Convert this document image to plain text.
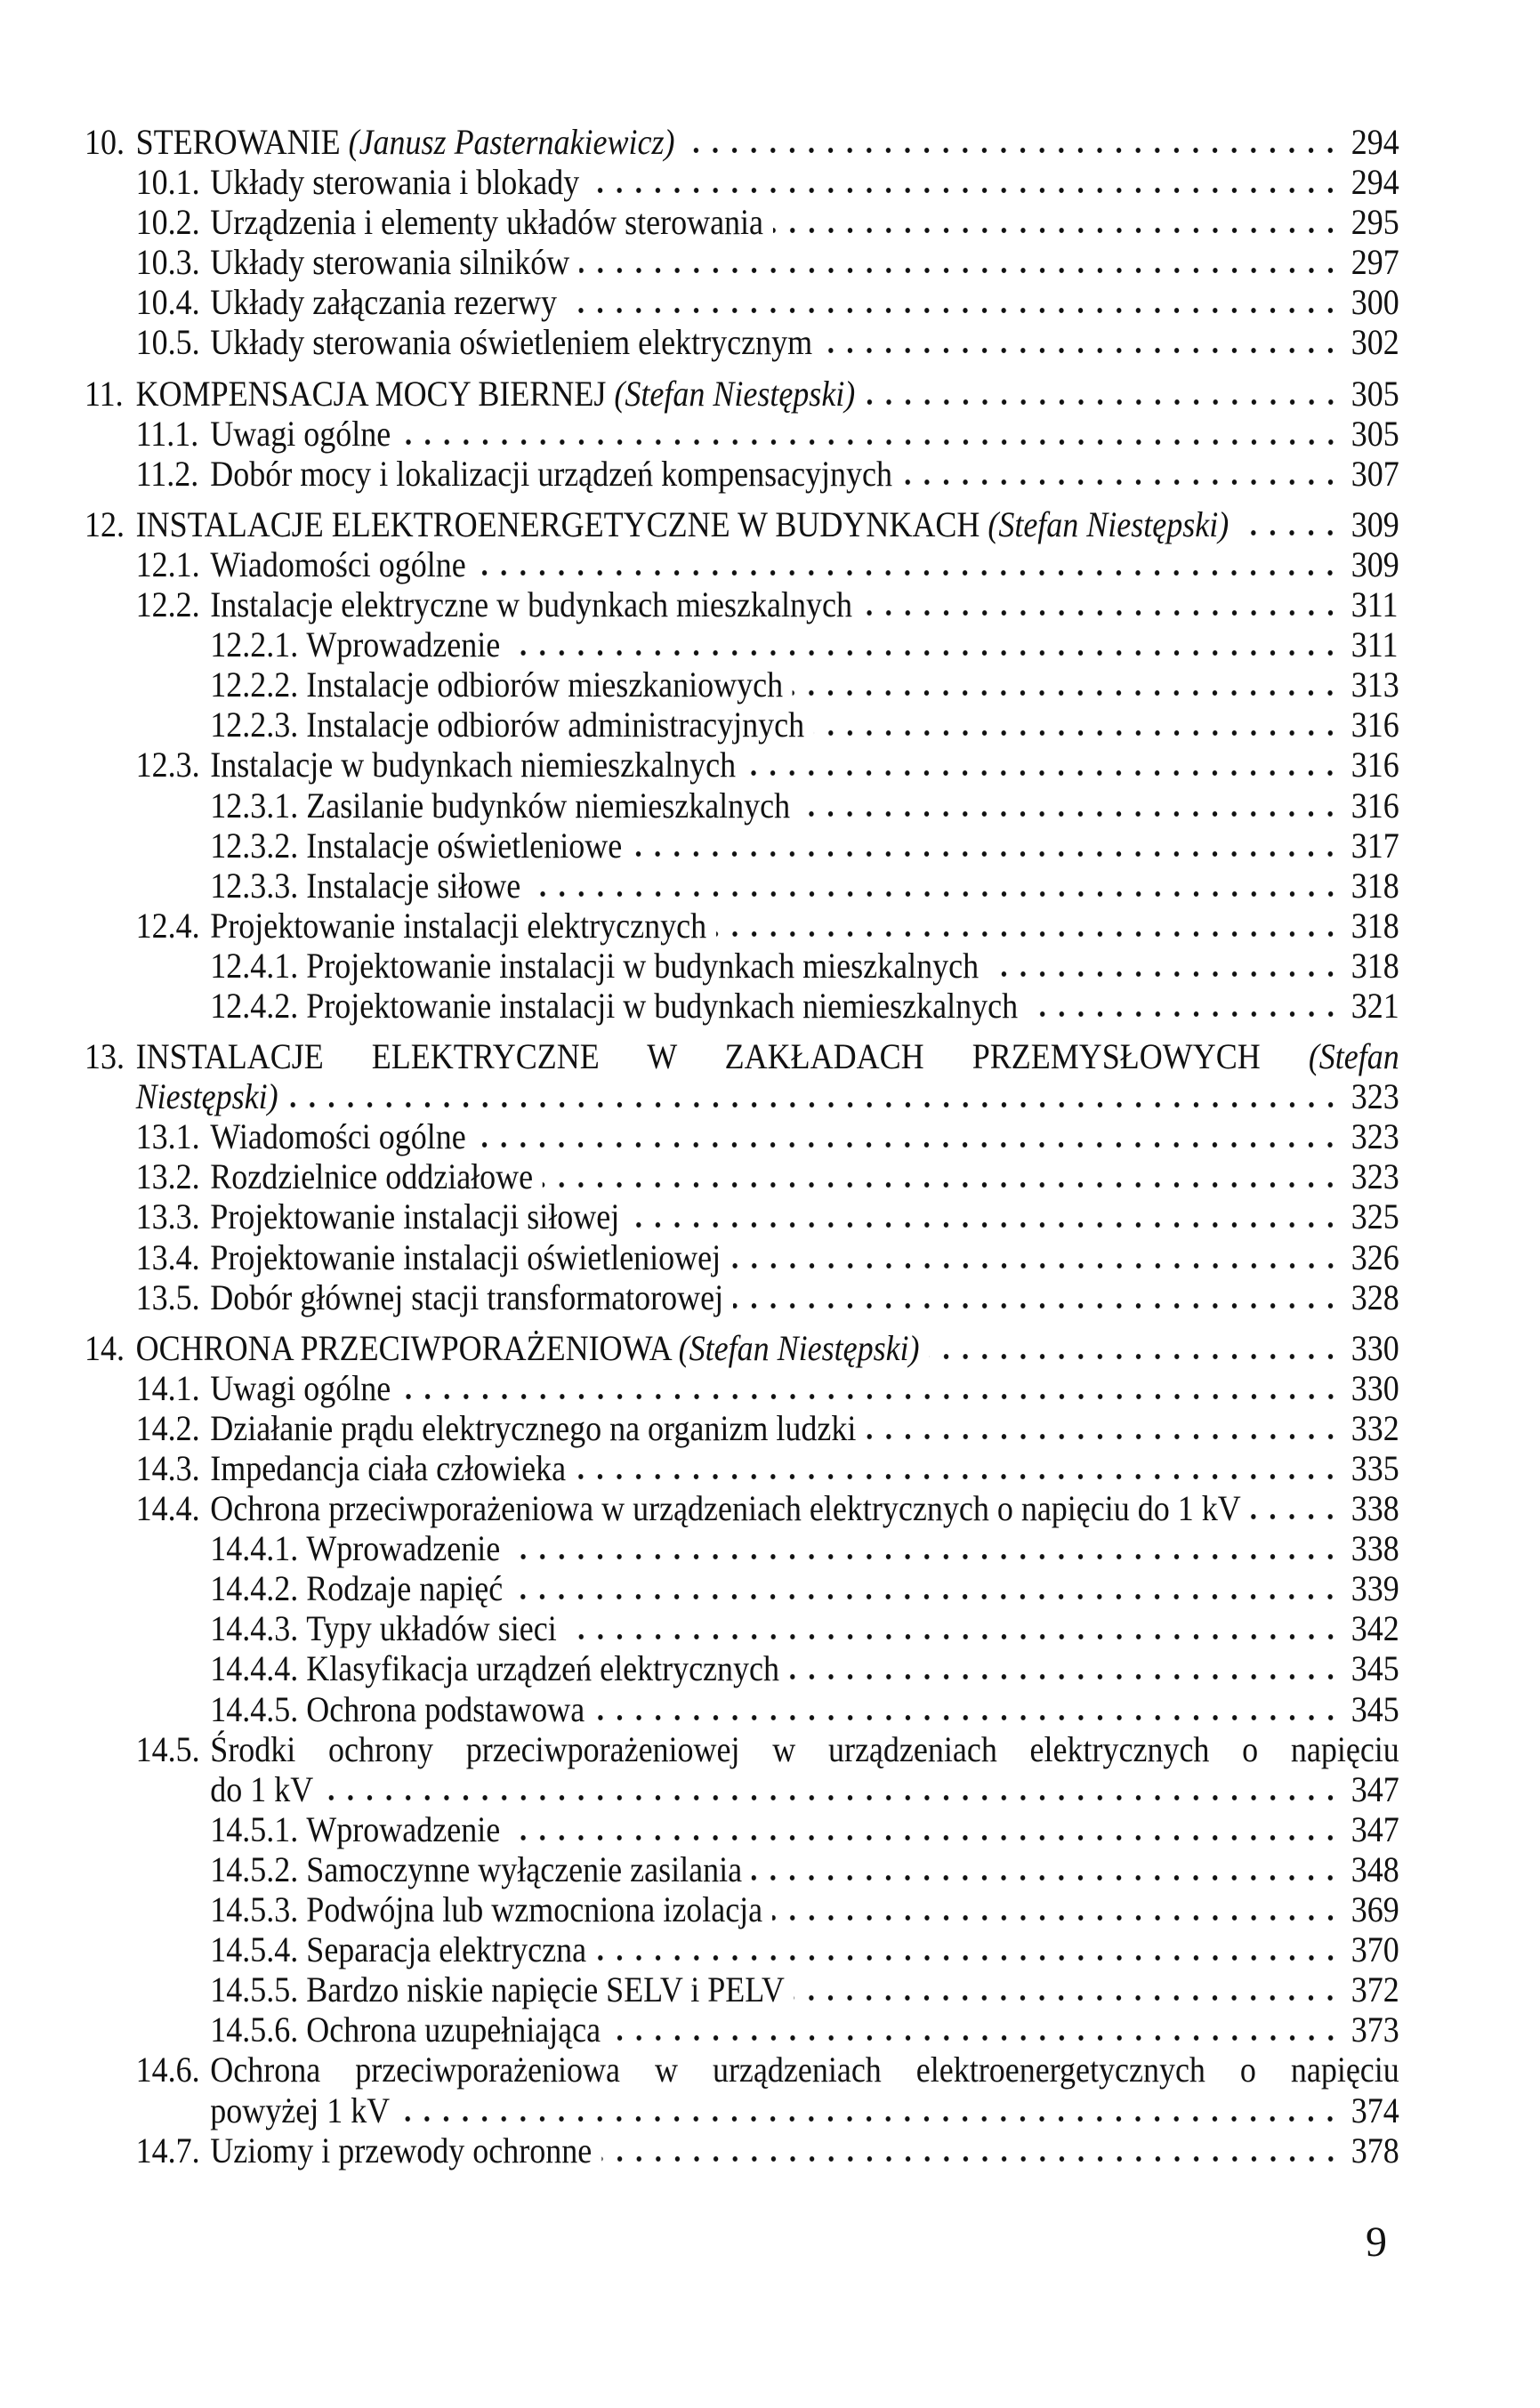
10. STEROWANIE (Janusz Pasternakiewicz)	294
10.1. Układy sterowania i blokady	294
10.2. Urządzenia i elementy układów sterowania	295
10.3. Układy sterowania silników	297
10.4. Układy załączania rezerwy	300
10.5. Układy sterowania oświetleniem elektrycznym	302
11. KOMPENSACJA MOCY BIERNEJ (Stefan Niestępski)	305
11.1. Uwagi ogólne	305
11.2. Dobór mocy i lokalizacji urządzeń kompensacyjnych	307
12. INSTALACJE ELEKTROENERGETYCZNE W BUDYNKACH (Stefan Niestępski)	309
12.1. Wiadomości ogólne	309
12.2. Instalacje elektryczne w budynkach mieszkalnych	311
12.2.1. Wprowadzenie	311
12.2.2. Instalacje odbiorów mieszkaniowych	313
12.2.3. Instalacje odbiorów administracyjnych	316
12.3. Instalacje w budynkach niemieszkalnych	316
12.3.1. Zasilanie budynków niemieszkalnych	316
12.3.2. Instalacje oświetleniowe	317
12.3.3. Instalacje siłowe	318
12.4. Projektowanie instalacji elektrycznych	318
12.4.1. Projektowanie instalacji w budynkach mieszkalnych	318
12.4.2. Projektowanie instalacji w budynkach niemieszkalnych	321
13. INSTALACJE ELEKTRYCZNE W ZAKŁADACH PRZEMYSŁOWYCH (Stefan
Niestępski)	323
13.1. Wiadomości ogólne	323
13.2. Rozdzielnice oddziałowe	323
13.3. Projektowanie instalacji siłowej	325
13.4. Projektowanie instalacji oświetleniowej	326
13.5. Dobór głównej stacji transformatorowej	328
14. OCHRONA PRZECIWPORAŻENIOWA (Stefan Niestępski)	330
14.1. Uwagi ogólne	330
14.2. Działanie prądu elektrycznego na organizm ludzki	332
14.3. Impedancja ciała człowieka	335
14.4. Ochrona przeciwporażeniowa w urządzeniach elektrycznych o napięciu do 1 kV	338
14.4.1. Wprowadzenie	338
14.4.2. Rodzaje napięć	339
14.4.3. Typy układów sieci	342
14.4.4. Klasyfikacja urządzeń elektrycznych	345
14.4.5. Ochrona podstawowa	345
14.5. Środki ochrony przeciwporażeniowej w urządzeniach elektrycznych o napięciu
do 1 kV	347
14.5.1. Wprowadzenie	347
14.5.2. Samoczynne wyłączenie zasilania	348
14.5.3. Podwójna lub wzmocniona izolacja	369
14.5.4. Separacja elektryczna	370
14.5.5. Bardzo niskie napięcie SELV i PELV	372
14.5.6. Ochrona uzupełniająca	373
14.6. Ochrona przeciwporażeniowa w urządzeniach elektroenergetycznych o napięciu
powyżej 1 kV	374
14.7. Uziomy i przewody ochronne	378
9
